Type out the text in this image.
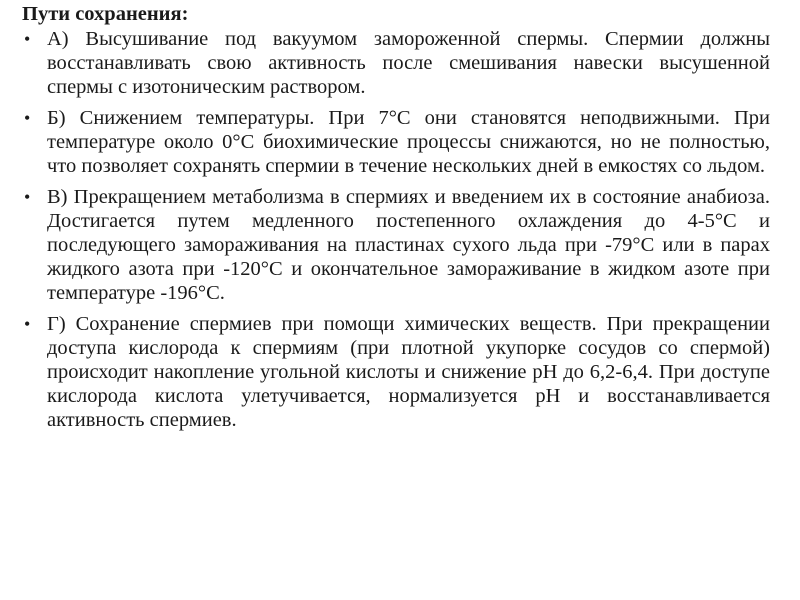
Пути сохранения:
• А) Высушивание под вакуумом замороженной спермы. Спермии должны восстанавливать свою активность после смешивания навески высушенной спермы с изотоническим раствором.
• Б) Снижением температуры. При 7°С они становятся неподвижными. При температуре около 0°С биохимические процессы снижаются, но не полностью, что позволяет сохранять спермии в течение нескольких дней в емкостях со льдом.
• В) Прекращением метаболизма в спермиях и введением их в состояние анабиоза. Достигается путем медленного постепенного охлаждения до 4-5°С и последующего замораживания на пластинах сухого льда при -79°С или в парах жидкого азота при -120°С и окончательное замораживание в жидком азоте при температуре -196°С.
• Г) Сохранение спермиев при помощи химических веществ. При прекращении доступа кислорода к спермиям (при плотной укупорке сосудов со спермой) происходит накопление угольной кислоты и снижение рН до 6,2-6,4. При доступе кислорода кислота улетучивается, нормализуется рН и восстанавливается активность спермиев.
